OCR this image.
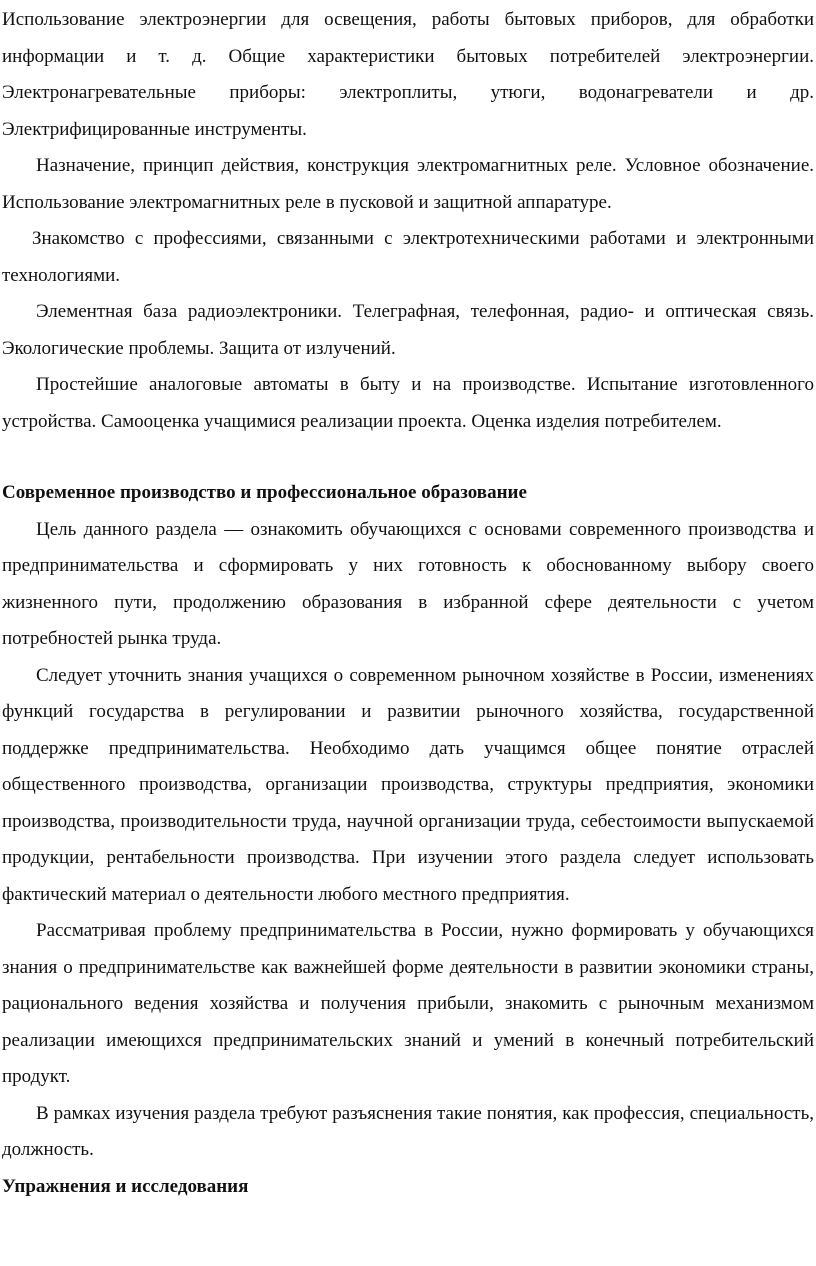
Использование электроэнергии для освещения, работы бытовых приборов, для обработки информации и т. д. Общие характеристики бытовых потребителей электроэнергии. Электронагревательные приборы: электроплиты, утюги, водонагреватели и др. Электрифицированные инструменты.

Назначение, принцип действия, конструкция электромагнитных реле. Условное обозначение. Использование электромагнитных реле в пусковой и защитной аппаратуре.

Знакомство с профессиями, связанными с электротехническими работами и электронными технологиями.

Элементная база радиоэлектроники. Телеграфная, телефонная, радио- и оптическая связь. Экологические проблемы. Защита от излучений.

Простейшие аналоговые автоматы в быту и на производстве. Испытание изготовленного устройства. Самооценка учащимися реализации проекта. Оценка изделия потребителем.

Современное производство и профессиональное образование

Цель данного раздела — ознакомить обучающихся с основами современного производства и предпринимательства и сформировать у них готовность к обоснованному выбору своего жизненного пути, продолжению образования в избранной сфере деятельности с учетом потребностей рынка труда.

Следует уточнить знания учащихся о современном рыночном хозяйстве в России, изменениях функций государства в регулировании и развитии рыночного хозяйства, государственной поддержке предпринимательства. Необходимо дать учащимся общее понятие отраслей общественного производства, организации производства, структуры предприятия, экономики производства, производительности труда, научной организации труда, себестоимости выпускаемой продукции, рентабельности производства. При изучении этого раздела следует использовать фактический материал о деятельности любого местного предприятия.

Рассматривая проблему предпринимательства в России, нужно формировать у обучающихся знания о предпринимательстве как важнейшей форме деятельности в развитии экономики страны, рационального ведения хозяйства и получения прибыли, знакомить с рыночным механизмом реализации имеющихся предпринимательских знаний и умений в конечный потребительский продукт.

В рамках изучения раздела требуют разъяснения такие понятия, как профессия, специальность, должность.

Упражнения и исследования
